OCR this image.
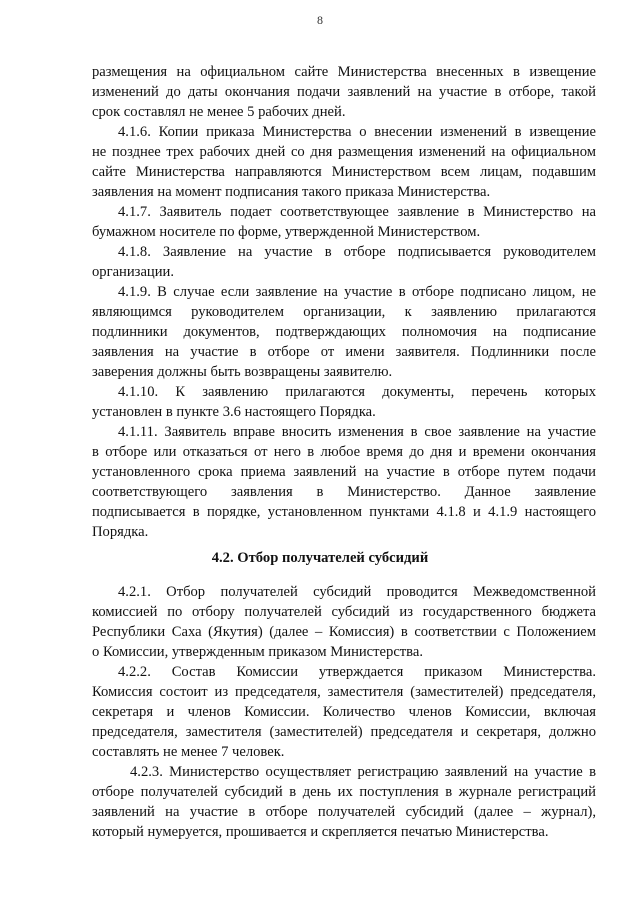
8
размещения на официальном сайте Министерства внесенных в извещение
изменений до даты окончания подачи заявлений на участие в отборе, такой
срок составлял не менее 5 рабочих дней.
4.1.6. Копии приказа Министерства о внесении изменений в извещение
не позднее трех рабочих дней со дня размещения изменений на официальном
сайте Министерства направляются Министерством всем лицам, подавшим
заявления на момент подписания такого приказа Министерства.
4.1.7. Заявитель подает соответствующее заявление в Министерство на
бумажном носителе по форме, утвержденной Министерством.
4.1.8. Заявление на участие в отборе подписывается руководителем
организации.
4.1.9. В случае если заявление на участие в отборе подписано лицом, не
являющимся руководителем организации, к заявлению прилагаются
подлинники документов, подтверждающих полномочия на подписание
заявления на участие в отборе от имени заявителя. Подлинники после
заверения должны быть возвращены заявителю.
4.1.10. К заявлению прилагаются документы, перечень которых
установлен в пункте 3.6 настоящего Порядка.
4.1.11. Заявитель вправе вносить изменения в свое заявление на участие
в отборе или отказаться от него в любое время до дня и времени окончания
установленного срока приема заявлений на участие в отборе путем подачи
соответствующего заявления в Министерство. Данное заявление
подписывается в порядке, установленном пунктами 4.1.8 и 4.1.9 настоящего
Порядка.
4.2. Отбор получателей субсидий
4.2.1. Отбор получателей субсидий проводится Межведомственной
комиссией по отбору получателей субсидий из государственного бюджета
Республики Саха (Якутия) (далее – Комиссия) в соответствии с Положением
о Комиссии, утвержденным приказом Министерства.
4.2.2. Состав Комиссии утверждается приказом Министерства.
Комиссия состоит из председателя, заместителя (заместителей) председателя,
секретаря и членов Комиссии. Количество членов Комиссии, включая
председателя, заместителя (заместителей) председателя и секретаря, должно
составлять не менее 7 человек.
4.2.3. Министерство осуществляет регистрацию заявлений на участие в
отборе получателей субсидий в день их поступления в журнале регистраций
заявлений на участие в отборе получателей субсидий (далее – журнал),
который нумеруется, прошивается и скрепляется печатью Министерства.
